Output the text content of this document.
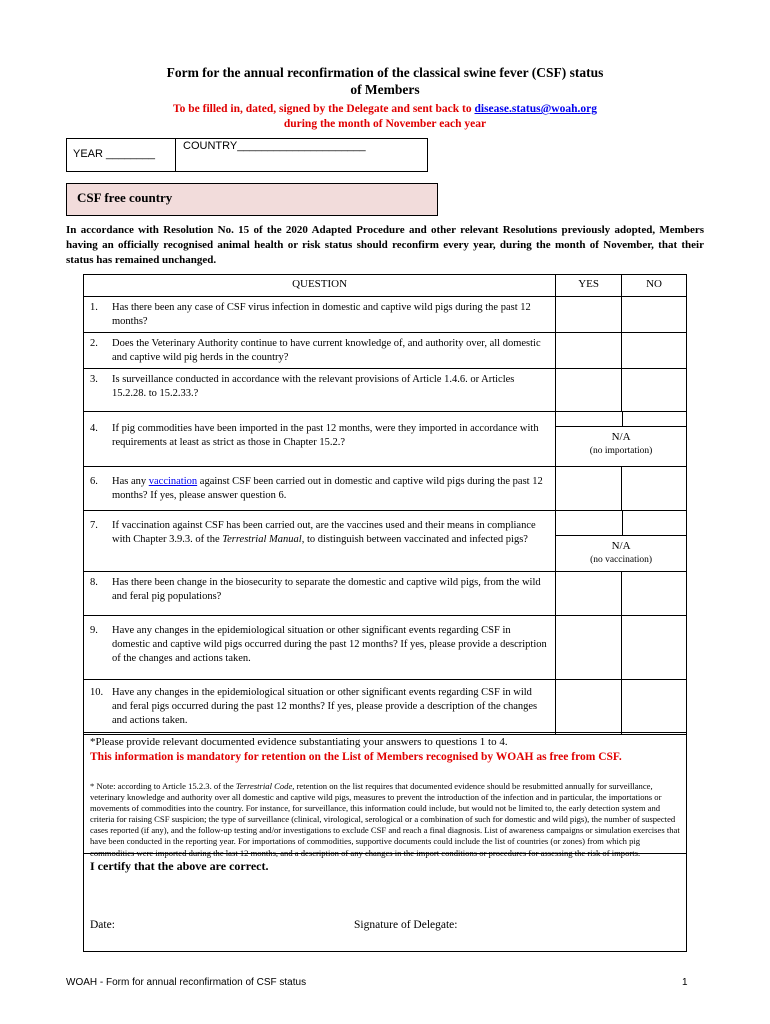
Form for the annual reconfirmation of the classical swine fever (CSF) status
of Members
To be filled in, dated, signed by the Delegate and sent back to disease.status@woah.org
during the month of November each year
YEAR ________
COUNTRY_____________________
CSF free country
In accordance with Resolution No. 15 of the 2020 Adapted Procedure and other relevant Resolutions previously adopted, Members having an officially recognised animal health or risk status should reconfirm every year, during the month of November, that their status has remained unchanged.
QUESTION	YES	NO

1. Has there been any case of CSF virus infection in domestic and captive wild pigs during the past 12 months?		

2. Does the Veterinary Authority continue to have current knowledge of, and authority over, all domestic and captive wild pig herds in the country?		

3. Is surveillance conducted in accordance with the relevant provisions of Article 1.4.6. or Articles 15.2.28. to 15.2.33.?		

4. If pig commodities have been imported in the past 12 months, were they imported in accordance with requirements at least as strict as those in Chapter 15.2.?	N/A
(no importation)	

6. Has any vaccination against CSF been carried out in domestic and captive wild pigs during the past 12 months? If yes, please answer question 6.		

7. If vaccination against CSF has been carried out, are the vaccines used and their means in compliance with Chapter 3.9.3. of the Terrestrial Manual, to distinguish between vaccinated and infected pigs?	N/A
(no vaccination)	

8. Has there been change in the biosecurity to separate the domestic and captive wild pigs, from the wild and feral pig populations?		

9. Have any changes in the epidemiological situation or other significant events regarding CSF in domestic and captive wild pigs occurred during the past 12 months? If yes, please provide a description of the changes and actions taken.		

10. Have any changes in the epidemiological situation or other significant events regarding CSF in wild and feral pigs occurred during the past 12 months? If yes, please provide a description of the changes and actions taken.		

*Please provide relevant documented evidence substantiating your answers to questions 1 to 4.
This information is mandatory for retention on the List of Members recognised by WOAH as free from CSF.
* Note: according to Article 15.2.3. of the Terrestrial Code, retention on the list requires that documented evidence should be resubmitted annually for surveillance, veterinary knowledge and authority over all domestic and captive wild pigs, measures to prevent the introduction of the infection and in particular, the importations or movements of commodities into the country. For instance, for surveillance, this information could include, but would not be limited to, the early detection system and criteria for raising CSF suspicion; the type of surveillance (clinical, virological, serological or a combination of such for domestic and wild pigs), the number of suspected cases reported (if any), and the follow-up testing and/or investigations to exclude CSF and reach a final diagnosis. List of awareness campaigns or simulation exercises that have been conducted in the reporting year. For importations of commodities, supportive documents could include the list of countries (or zones) from which pig commodities were imported during the last 12 months, and a description of any changes in the import conditions or procedures for assessing the risk of imports.
I certify that the above are correct.
Date:	Signature of Delegate:
WOAH - Form for annual reconfirmation of CSF status	1
